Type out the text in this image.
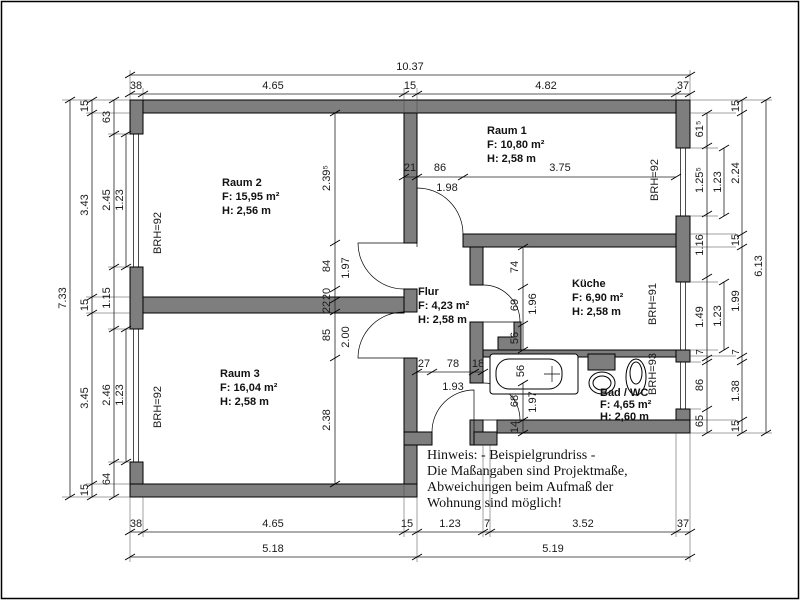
10.37
38	4.65	15	4.82	37
38	4.65	15 1.23 7	3.52	37
5.18	5.19
7.33
15
3.43
15
3.45
15
63
2.45
1.15
2.46
64
1.23
1.23
61⁵
1.25⁵
1.16
1.49
7
86
65
1.23
1.23
15
2.24
15
1.99
7
1.38
15
6.13
2.39⁵
84
20
22
85
2.38
1.97
2.00
21 86	3.75
1.98
27 78 18
1.93
74
69
56
1.96
68
14
1.97
56
Raum 2
F: 15,95 m²
H: 2,56 m
Raum 1
F: 10,80 m²
H: 2,58 m
Flur
F: 4,23 m²
H: 2,58 m
Küche
F: 6,90 m²
H: 2,58 m
Raum 3
F: 16,04 m²
H: 2,58 m
Bad / WC
F: 4,65 m²
H: 2,60 m
BRH=92
BRH=92
BRH=92
BRH=91
BRH=93
Hinweis: - Beispielgrundriss -
Die Maßangaben sind Projektmaße,
Abweichungen beim Aufmaß der
Wohnung sind möglich!
